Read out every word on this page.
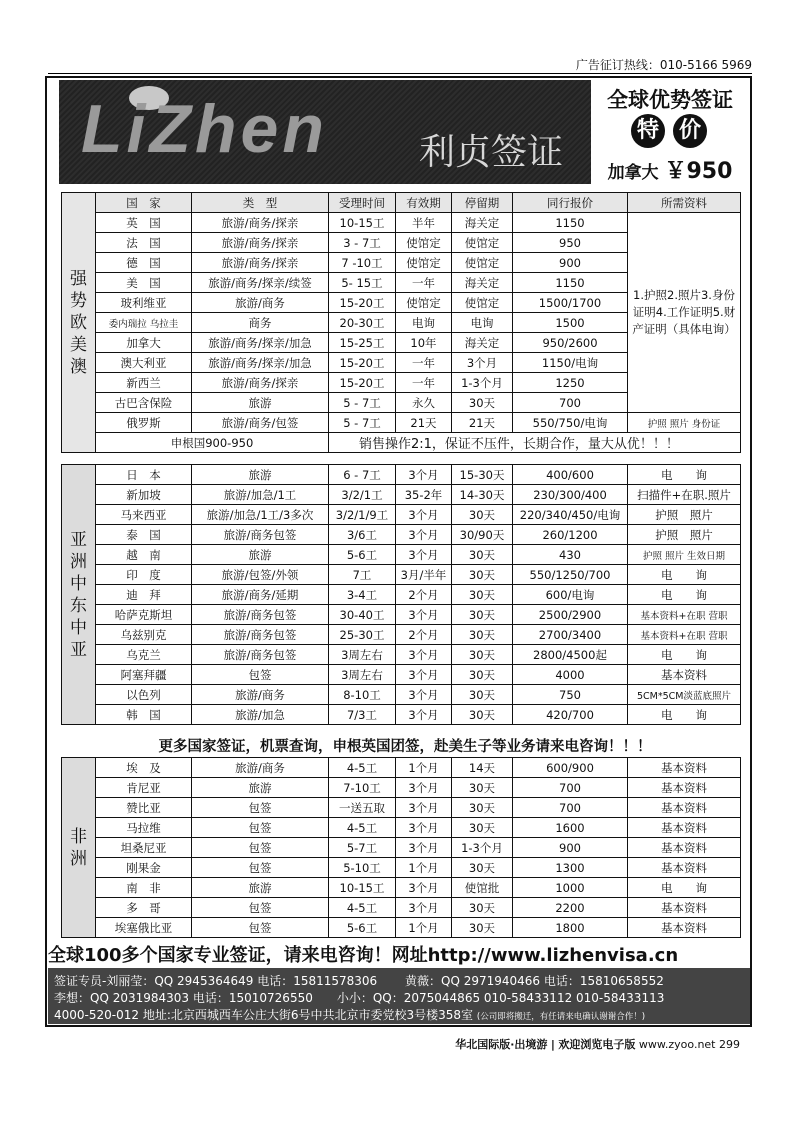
广告征订热线：010-5166 5969
LiZhen	利贞签证
全球优势签证
特 价
加拿大 ￥950
强势欧美澳	国　家	类　型	受理时间	有效期	停留期	同行报价	所需资料
	英　国	旅游/商务/探亲	10-15工	半年	海关定	1150	1.护照2.照片3.身份证明4.工作证明5.财产证明（具体电询）
	法　国	旅游/商务/探亲	3 - 7工	使馆定	使馆定	950	
	德　国	旅游/商务/探亲	7 -10工	使馆定	使馆定	900	
	美　国	旅游/商务/探亲/续签	5- 15工	一年	海关定	1150	
	玻利维亚	旅游/商务	15-20工	使馆定	使馆定	1500/1700	
	委内瑞拉 乌拉圭	商务	20-30工	电询	电询	1500	
	加拿大	旅游/商务/探亲/加急	15-25工	10年	海关定	950/2600	
	澳大利亚	旅游/商务/探亲/加急	15-20工	一年	3个月	1150/电询	
	新西兰	旅游/商务/探亲	15-20工	一年	1-3个月	1250	
	古巴含保险	旅游	5 - 7工	永久	30天	700	
	俄罗斯	旅游/商务/包签	5 - 7工	21天	21天	550/750/电询	护照 照片 身份证
	申根国900-950		销售操作2:1，保证不压件，长期合作，量大从优！！！				
亚洲中东中亚	日　本	旅游	6 - 7工	3个月	15-30天	400/600	电　　询
	新加坡	旅游/加急/1工	3/2/1工	35-2年	14-30天	230/300/400	扫描件+在职.照片
	马来西亚	旅游/加急/1工/3多次	3/2/1/9工	3个月	30天	220/340/450/电询	护照　照片
	泰　国	旅游/商务包签	3/6工	3个月	30/90天	260/1200	护照　照片
	越　南	旅游	5-6工	3个月	30天	430	护照 照片 生效日期
	印　度	旅游/包签/外领	7工	3月/半年	30天	550/1250/700	电　　询
	迪　拜	旅游/商务/延期	3-4工	2个月	30天	600/电询	电　　询
	哈萨克斯坦	旅游/商务包签	30-40工	3个月	30天	2500/2900	基本资料+在职 营职
	乌兹别克	旅游/商务包签	25-30工	2个月	30天	2700/3400	基本资料+在职 营职
	乌克兰	旅游/商务包签	3周左右	3个月	30天	2800/4500起	电　　询
	阿塞拜疆	包签	3周左右	3个月	30天	4000	基本资料
	以色列	旅游/商务	8-10工	3个月	30天	750	5CM*5CM淡蓝底照片
	韩　国	旅游/加急	7/3工	3个月	30天	420/700	电　　询
更多国家签证，机票查询，申根英国团签，赴美生子等业务请来电咨询！！！
非洲	埃　及	旅游/商务	4-5工	1个月	14天	600/900	基本资料
	肯尼亚	旅游	7-10工	3个月	30天	700	基本资料
	赞比亚	包签	一送五取	3个月	30天	700	基本资料
	马拉维	包签	4-5工	3个月	30天	1600	基本资料
	坦桑尼亚	包签	5-7工	3个月	1-3个月	900	基本资料
	刚果金	包签	5-10工	1个月	30天	1300	基本资料
	南　非	旅游	10-15工	3个月	使馆批	1000	电　　询
	多　哥	包签	4-5工	3个月	30天	2200	基本资料
	埃塞俄比亚	包签	5-6工	1个月	30天	1800	基本资料
全球100多个国家专业签证，请来电咨询！网址http://www.lizhenvisa.cn
签证专员-刘丽莹：QQ 2945364649 电话：15811578306　　 黄薇：QQ 2971940466 电话：15810658552
李想：QQ 2031984303 电话：15010726550　　小小：QQ：2075044865 010-58433112 010-58433113
4000-520-012 地址:北京西城西车公庄大街6号中共北京市委党校3号楼358室 (公司即将搬迁，有任请来电确认谢谢合作！)
华北国际版·出境游 | 欢迎浏览电子版 www.zyoo.net 299
